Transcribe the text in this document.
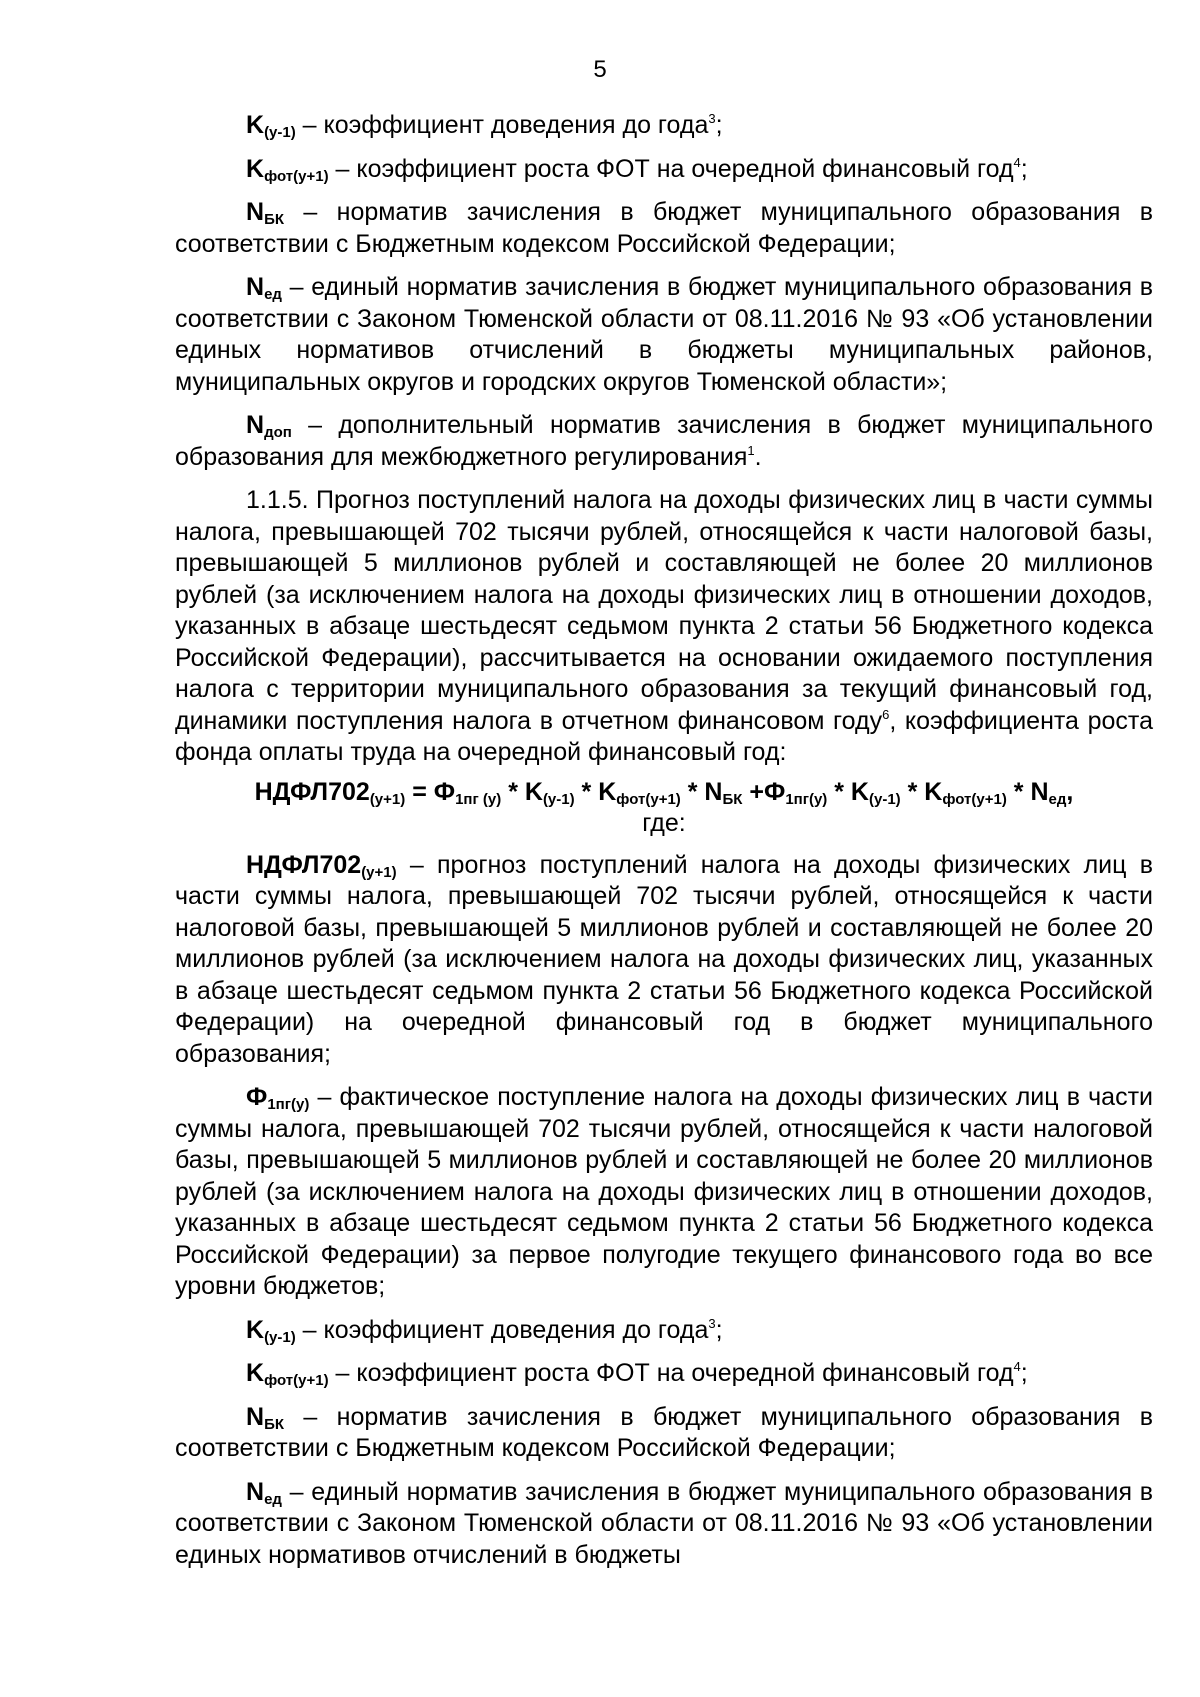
5

$K_{(y-1)}$ – коэффициент доведения до года$^3$;

$K_{фот(y+1)}$ – коэффициент роста ФОТ на очередной финансовый год$^4$;

$N_{БК}$ – норматив зачисления в бюджет муниципального образования в соответствии с Бюджетным кодексом Российской Федерации;

$N_{ед}$ – единый норматив зачисления в бюджет муниципального образования в соответствии с Законом Тюменской области от 08.11.2016 № 93 «Об установлении единых нормативов отчислений в бюджеты муниципальных районов, муниципальных округов и городских округов Тюменской области»;

$N_{доп}$ – дополнительный норматив зачисления в бюджет муниципального образования для межбюджетного регулирования$^1$.

1.1.5. Прогноз поступлений налога на доходы физических лиц в части суммы налога, превышающей 702 тысячи рублей, относящейся к части налоговой базы, превышающей 5 миллионов рублей и составляющей не более 20 миллионов рублей (за исключением налога на доходы физических лиц в отношении доходов, указанных в абзаце шестьдесят седьмом пункта 2 статьи 56 Бюджетного кодекса Российской Федерации), рассчитывается на основании ожидаемого поступления налога с территории муниципального образования за текущий финансовый год, динамики поступления налога в отчетном финансовом году$^6$, коэффициента роста фонда оплаты труда на очередной финансовый год:

$НДФЛ702_{(y+1)} = Ф_{1пг (y)} * K_{(y-1)} * K_{фот(y+1)} * N_{БК} +Ф_{1пг(y)} * K_{(y-1)} * K_{фот(y+1)} * N_{ед}$,
где:

$НДФЛ702_{(y+1)}$ – прогноз поступлений налога на доходы физических лиц в части суммы налога, превышающей 702 тысячи рублей, относящейся к части налоговой базы, превышающей 5 миллионов рублей и составляющей не более 20 миллионов рублей (за исключением налога на доходы физических лиц, указанных в абзаце шестьдесят седьмом пункта 2 статьи 56 Бюджетного кодекса Российской Федерации) на очередной финансовый год в бюджет муниципального образования;

$Ф_{1пг(y)}$ – фактическое поступление налога на доходы физических лиц в части суммы налога, превышающей 702 тысячи рублей, относящейся к части налоговой базы, превышающей 5 миллионов рублей и составляющей не более 20 миллионов рублей (за исключением налога на доходы физических лиц в отношении доходов, указанных в абзаце шестьдесят седьмом пункта 2 статьи 56 Бюджетного кодекса Российской Федерации) за первое полугодие текущего финансового года во все уровни бюджетов;

$K_{(y-1)}$ – коэффициент доведения до года$^3$;

$K_{фот(y+1)}$ – коэффициент роста ФОТ на очередной финансовый год$^4$;

$N_{БК}$ – норматив зачисления в бюджет муниципального образования в соответствии с Бюджетным кодексом Российской Федерации;

$N_{ед}$ – единый норматив зачисления в бюджет муниципального образования в соответствии с Законом Тюменской области от 08.11.2016 № 93 «Об установлении единых нормативов отчислений в бюджеты
